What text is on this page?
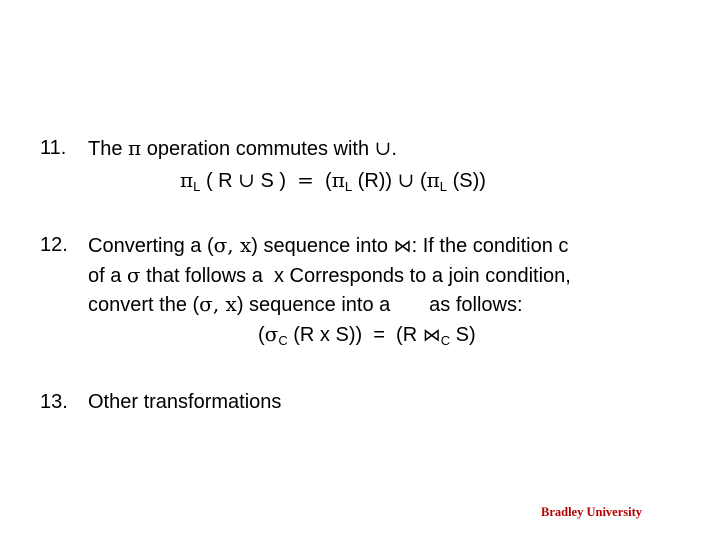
11. The π operation commutes with ∪.
$\pi_L$ ( R ∪ S )  =  ($\pi_L$ (R)) ∪ ($\pi_L$ (S))
12. Converting a (σ, x) sequence into ⋈: If the condition c
of a σ that follows a  x Corresponds to a join condition,
convert the (σ, x) sequence into a       as follows:
($\sigma_C$ (R x S))  =  (R $⋈_C$ S)
13. Other transformations
Bradley University
